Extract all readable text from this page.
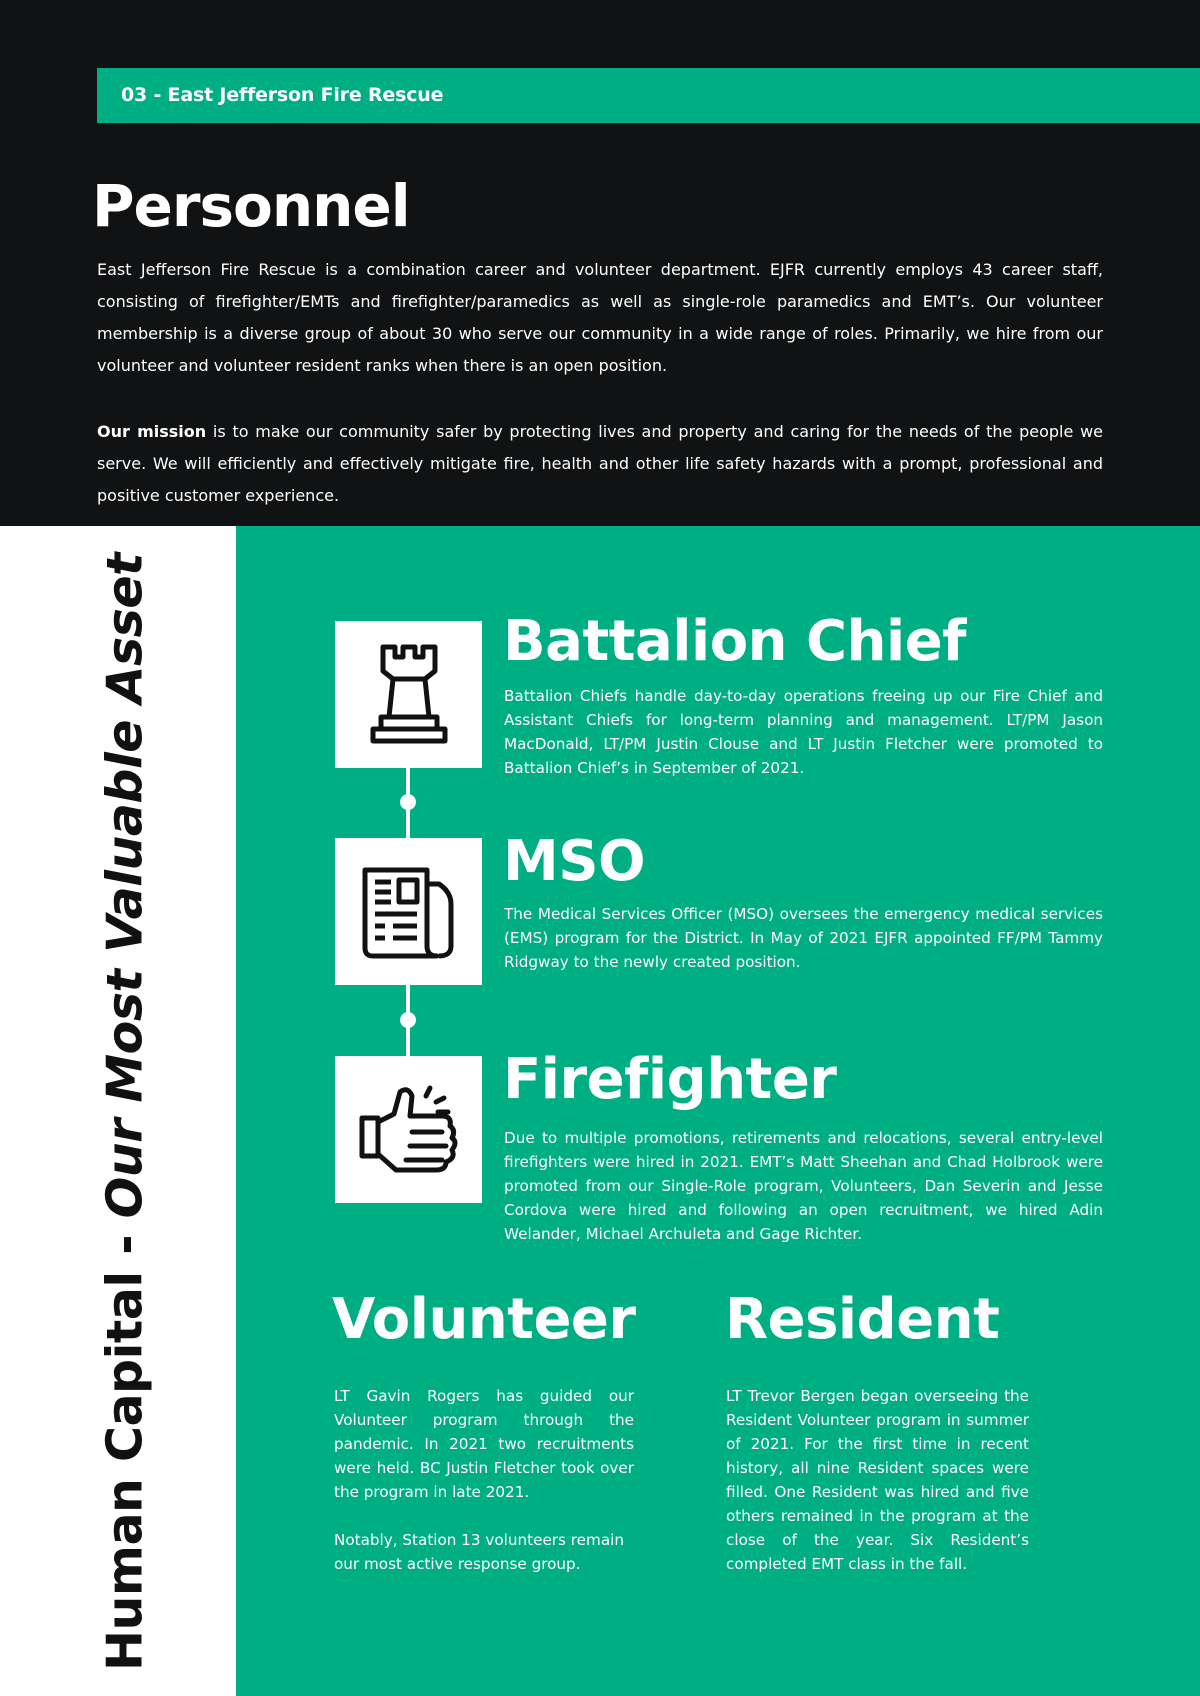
03 - East Jefferson Fire Rescue
Personnel

East Jefferson Fire Rescue is a combination career and volunteer department. EJFR currently employs 43 career staff, consisting of firefighter/EMTs and firefighter/paramedics as well as single-role paramedics and EMT’s. Our volunteer membership is a diverse group of about 30 who serve our community in a wide range of roles. Primarily, we hire from our volunteer and volunteer resident ranks when there is an open position.

Our mission is to make our community safer by protecting lives and property and caring for the needs of the people we serve. We will efficiently and effectively mitigate fire, health and other life safety hazards with a prompt, professional and positive customer experience.

Human Capital - Our Most Valuable Asset	Battalion Chief

Battalion Chiefs handle day-to-day operations freeing up our Fire Chief and Assistant Chiefs for long-term planning and management. LT/PM Jason MacDonald, LT/PM Justin Clouse and LT Justin Fletcher were promoted to Battalion Chief’s in September of 2021.

MSO

The Medical Services Officer (MSO) oversees the emergency medical services (EMS) program for the District. In May of 2021 EJFR appointed FF/PM Tammy Ridgway to the newly created position.

Firefighter

Due to multiple promotions, retirements and relocations, several entry-level firefighters were hired in 2021. EMT’s Matt Sheehan and Chad Holbrook were promoted from our Single-Role program, Volunteers, Dan Severin and Jesse Cordova were hired and following an open recruitment, we hired Adin Welander, Michael Archuleta and Gage Richter.

Volunteer

LT Gavin Rogers has guided our Volunteer program through the pandemic. In 2021 two recruitments were held. BC Justin Fletcher took over the program in late 2021.

Notably, Station 13 volunteers remain our most active response group.

Resident

LT Trevor Bergen began overseeing the Resident Volunteer program in summer of 2021. For the first time in recent history, all nine Resident spaces were filled. One Resident was hired and five others remained in the program at the close of the year. Six Resident’s completed EMT class in the fall.
